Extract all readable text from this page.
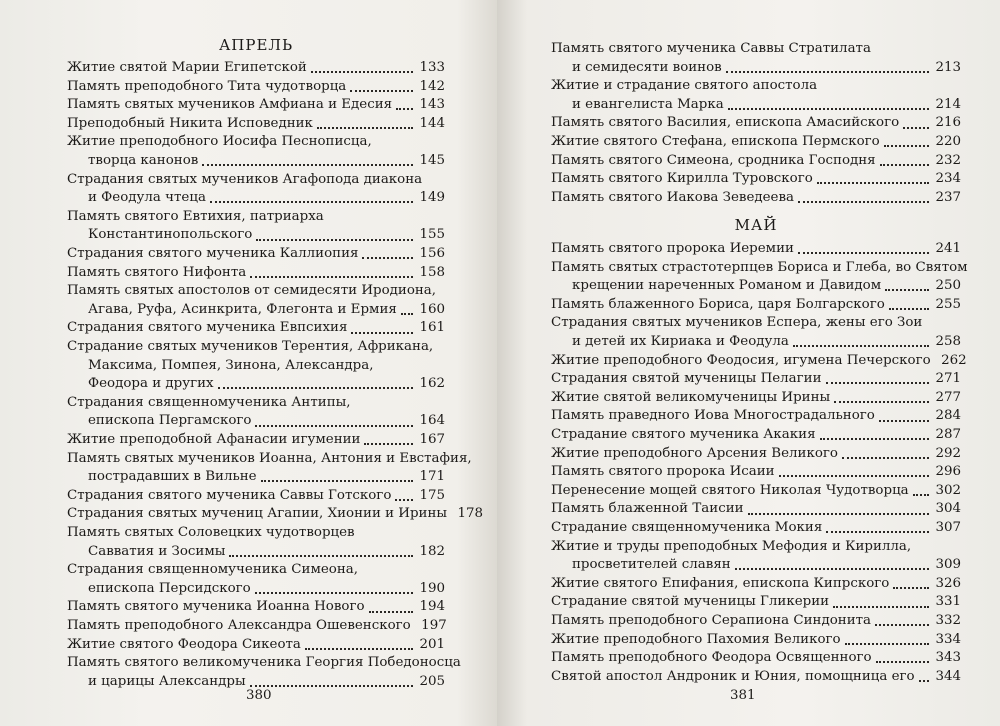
АПРЕЛЬ
Житие святой Марии Египетской	133
Память преподобного Тита чудотворца	142
Память святых мучеников Амфиана и Едесия 143
Преподобный Никита Исповедник	144
Житие преподобного Иосифа Песнописца,
творца канонов	145
Страдания святых мучеников Агафопода диакона
и Феодула чтеца	149
Память святого Евтихия, патриарха
Константинопольского	155
Страдания святого мученика Каллиопия	156
Память святого Нифонта	158
Память святых апостолов от семидесяти Иродиона,
Агава, Руфа, Асинкрита, Флегонта и Ермия 160
Страдания святого мученика Евпсихия	161
Страдание святых мучеников Терентия, Африкана,
Максима, Помпея, Зинона, Александра,
Феодора и других	162
Страдания священномученика Антипы,
епископа Пергамского	164
Житие преподобной Афанасии игумении	167
Память святых мучеников Иоанна, Антония и Евстафия,
пострадавших в Вильне	171
Страдания святого мученика Саввы Готского 175
Страдания святых мучениц Агапии, Хионии и Ирины 178
Память святых Соловецких чудотворцев
Савватия и Зосимы	182
Страдания священномученика Симеона,
епископа Персидского	190
Память святого мученика Иоанна Нового	194
Память преподобного Александра Ошевенского 197
Житие святого Феодора Сикеота	201
Память святого великомученика Георгия Победоносца
и царицы Александры	205
380
МАЙ
Память святого мученика Саввы Стратилата
и семидесяти воинов	213
Житие и страдание святого апостола
и евангелиста Марка	214
Память святого Василия, епископа Амасийского	216
Житие святого Стефана, епископа Пермского	220
Память святого Симеона, сродника Господня	232
Память святого Кирилла Туровского	234
Память святого Иакова Зеведеева	237
Память святого пророка Иеремии	241
Память святых страстотерпцев Бориса и Глеба, во Святом
крещении нареченных Романом и Давидом	250
Память блаженного Бориса, царя Болгарского	255
Страдания святых мучеников Еспера, жены его Зои
и детей их Кириака и Феодула	258
Житие преподобного Феодосия, игумена Печерского 262
Страдания святой мученицы Пелагии	271
Житие святой великомученицы Ирины	277
Память праведного Иова Многострадального	284
Страдание святого мученика Акакия	287
Житие преподобного Арсения Великого	292
Память святого пророка Исаии	296
Перенесение мощей святого Николая Чудотворца 302
Память блаженной Таисии	304
Страдание священномученика Мокия	307
Житие и труды преподобных Мефодия и Кирилла,
просветителей славян	309
Житие святого Епифания, епископа Кипрского	326
Страдание святой мученицы Гликерии	331
Память преподобного Серапиона Синдонита	332
Житие преподобного Пахомия Великого	334
Память преподобного Феодора Освященного	343
Святой апостол Андроник и Юния, помощница его 344
381
